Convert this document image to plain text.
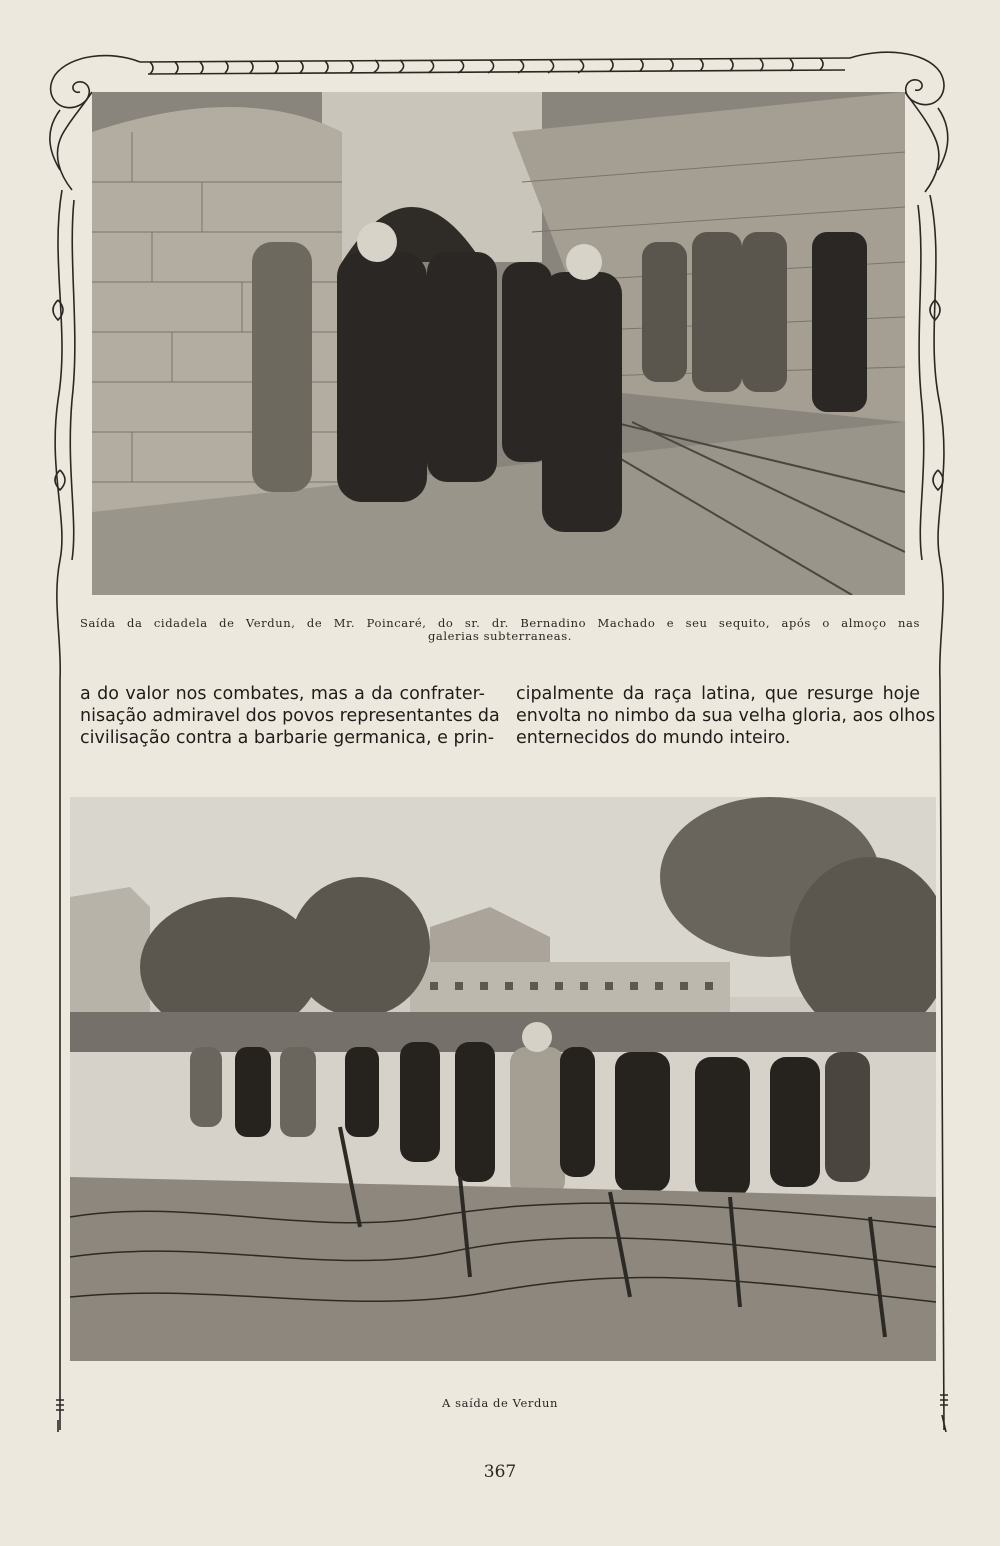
Saída da cidadela de Verdun, de Mr. Poincaré, do sr. dr. Bernadino Machado e seu sequito, após o almoço nas
galerias subterraneas.
a do valor nos combates, mas a da confrater-
nisação admiravel dos povos representantes da
civilisação contra a barbarie germanica, e prin-
cipalmente da raça latina, que resurge hoje
envolta no nimbo da sua velha gloria, aos olhos
enternecidos do mundo inteiro.
A saída de Verdun
367
